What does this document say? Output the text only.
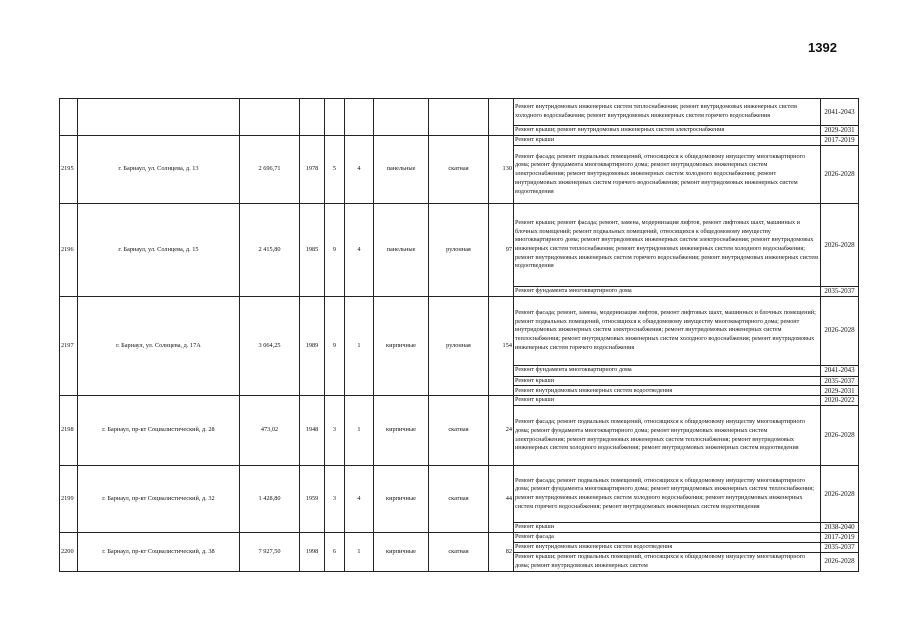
1392
									Ремонт внутридомовых инженерных систем теплоснабжения; ремонт внутридомовых инженерных систем холодного водоснабжения; ремонт внутридомовых инженерных систем горячего водоснабжения	2041-2043
									Ремонт крыши; ремонт внутридомовых инженерных систем электроснабжения	2029-2031
2195	г. Барнаул, ул. Солнцева, д. 13	2 696,71	1978	5	4	панельные	скатная	130	Ремонт крыши	2017-2019
									Ремонт фасада; ремонт подвальных помещений, относящихся к общедомовому имуществу многоквартирного дома; ремонт фундамента многоквартирного дома; ремонт внутридомовых инженерных систем электроснабжения; ремонт внутридомовых инженерных систем холодного водоснабжения; ремонт внутридомовых инженерных систем горячего водоснабжения; ремонт внутридомовых инженерных систем водоотведения	2026-2028
2196	г. Барнаул, ул. Солнцева, д. 15	2 415,80	1985	9	4	панельные	рулонная	97	Ремонт крыши; ремонт фасада; ремонт, замена, модернизация лифтов, ремонт лифтовых шахт, машинных и блочных помещений; ремонт подвальных помещений, относящихся к общедомовому имуществу многоквартирного дома; ремонт внутридомовых инженерных систем электроснабжения; ремонт внутридомовых инженерных систем теплоснабжения; ремонт внутридомовых инженерных систем холодного водоснабжения; ремонт внутридомовых инженерных систем горячего водоснабжения; ремонт внутридомовых инженерных систем водоотведения	2026-2028
									Ремонт фундамента многоквартирного дома	2035-2037
2197	г. Барнаул, ул. Солнцева, д. 17А	3 064,25	1989	9	1	кирпичные	рулонная	154	Ремонт фасада; ремонт, замена, модернизация лифтов, ремонт лифтовых шахт, машинных и блочных помещений; ремонт подвальных помещений, относящихся к общедомовому имуществу многоквартирного дома; ремонт внутридомовых инженерных систем электроснабжения; ремонт внутридомовых инженерных систем теплоснабжения; ремонт внутридомовых инженерных систем холодного водоснабжения; ремонт внутридомовых инженерных систем горячего водоснабжения	2026-2028
									Ремонт фундамента многоквартирного дома	2041-2043
									Ремонт крыши	2035-2037
									Ремонт внутридомовых инженерных систем водоотведения	2029-2031
2198	г. Барнаул, пр-кт Социалистический, д. 28	473,02	1948	3	1	кирпичные	скатная	24	Ремонт крыши	2020-2022
									Ремонт фасада; ремонт подвальных помещений, относящихся к общедомовому имуществу многоквартирного дома; ремонт фундамента многоквартирного дома; ремонт внутридомовых инженерных систем электроснабжения; ремонт внутридомовых инженерных систем теплоснабжения; ремонт внутридомовых инженерных систем холодного водоснабжения; ремонт внутридомовых инженерных систем водоотведения	2026-2028
2199	г. Барнаул, пр-кт Социалистический, д. 32	1 428,80	1959	3	4	кирпичные	скатная	44	Ремонт фасада; ремонт подвальных помещений, относящихся к общедомовому имуществу многоквартирного дома; ремонт фундамента многоквартирного дома; ремонт внутридомовых инженерных систем теплоснабжения; ремонт внутридомовых инженерных систем холодного водоснабжения; ремонт внутридомовых инженерных систем горячего водоснабжения; ремонт внутридомовых инженерных систем водоотведения	2026-2028
									Ремонт крыши	2038-2040
2200	г. Барнаул, пр-кт Социалистический, д. 38	7 927,50	1998	6	1	кирпичные	скатная	82	Ремонт фасада	2017-2019
									Ремонт внутридомовых инженерных систем водоотведения	2035-2037
									Ремонт крыши; ремонт подвальных помещений, относящихся к общедомовому имуществу многоквартирного дома; ремонт внутридомовых инженерных систем	2026-2028
